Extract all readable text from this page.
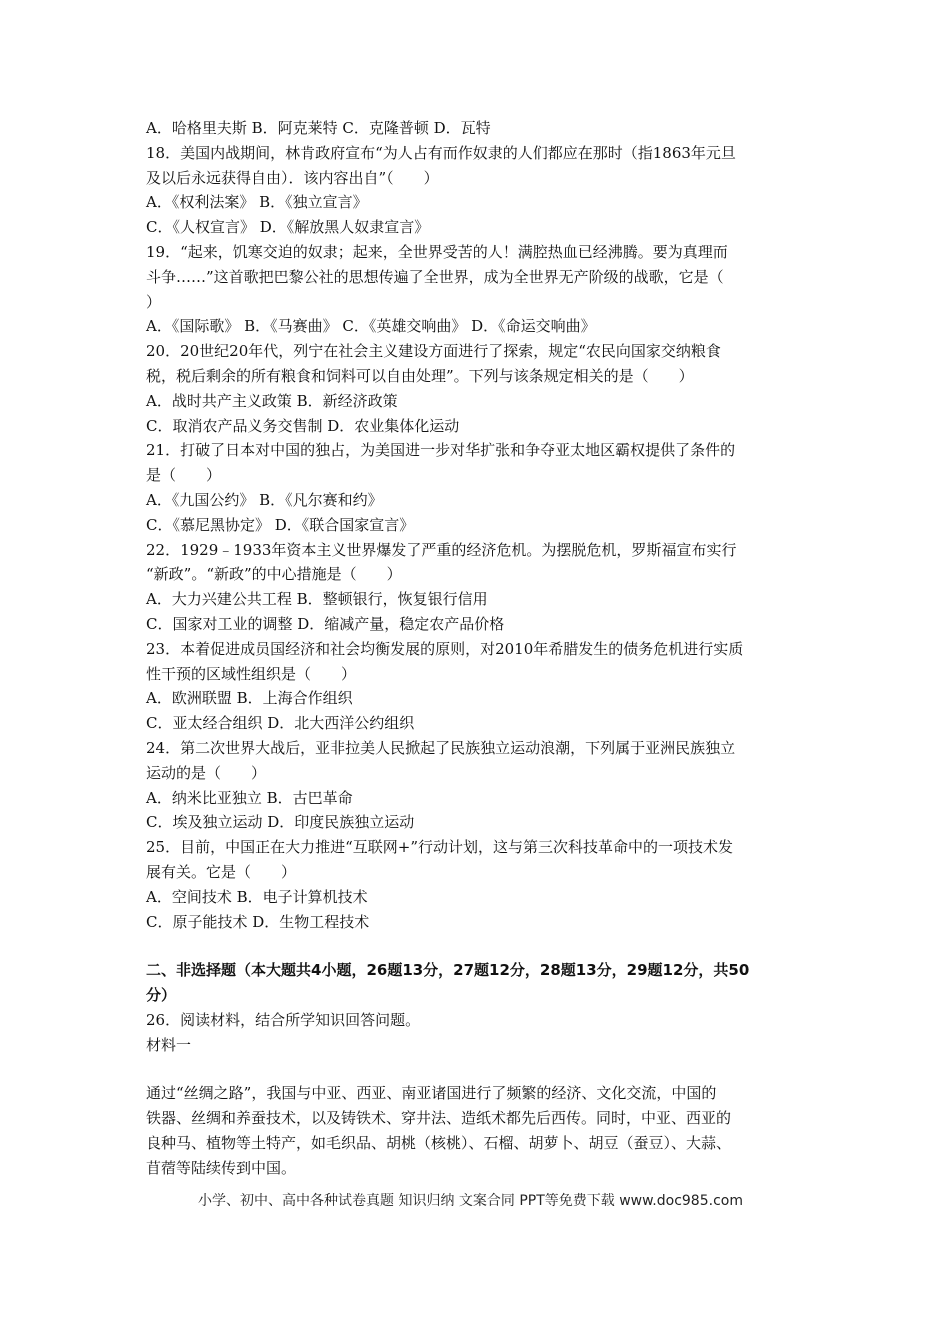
A．哈格里夫斯 B．阿克莱特 C．克隆普顿 D．瓦特
18．美国内战期间，林肯政府宣布“为人占有而作奴隶的人们都应在那时（指1863年元旦
及以后永远获得自由）．该内容出自”（　　）
A．《权利法案》 B．《独立宣言》
C．《人权宣言》 D．《解放黑人奴隶宣言》
19．“起来，饥寒交迫的奴隶；起来，全世界受苦的人！满腔热血已经沸腾。要为真理而
斗争……”这首歌把巴黎公社的思想传遍了全世界，成为全世界无产阶级的战歌，它是（
）
A．《国际歌》 B．《马赛曲》 C．《英雄交响曲》 D．《命运交响曲》
20．20世纪20年代，列宁在社会主义建设方面进行了探索，规定“农民向国家交纳粮食
税，税后剩余的所有粮食和饲料可以自由处理”。下列与该条规定相关的是（　　）
A．战时共产主义政策 B．新经济政策
C．取消农产品义务交售制 D．农业集体化运动
21．打破了日本对中国的独占，为美国进一步对华扩张和争夺亚太地区霸权提供了条件的
是（　　）
A．《九国公约》 B．《凡尔赛和约》
C．《慕尼黑协定》 D．《联合国家宣言》
22．1929﹣1933年资本主义世界爆发了严重的经济危机。为摆脱危机，罗斯福宣布实行
“新政”。“新政”的中心措施是（　　）
A．大力兴建公共工程 B．整顿银行，恢复银行信用
C．国家对工业的调整 D．缩减产量，稳定农产品价格
23．本着促进成员国经济和社会均衡发展的原则，对2010年希腊发生的债务危机进行实质
性干预的区域性组织是（　　）
A．欧洲联盟 B．上海合作组织
C．亚太经合组织 D．北大西洋公约组织
24．第二次世界大战后，亚非拉美人民掀起了民族独立运动浪潮，下列属于亚洲民族独立
运动的是（　　）
A．纳米比亚独立 B．古巴革命
C．埃及独立运动 D．印度民族独立运动
25．目前，中国正在大力推进“互联网+”行动计划，这与第三次科技革命中的一项技术发
展有关。它是（　　）
A．空间技术 B．电子计算机技术
C．原子能技术 D．生物工程技术
二、非选择题（本大题共4小题，26题13分，27题12分，28题13分，29题12分，共50
分）
26．阅读材料，结合所学知识回答问题。
材料一
通过“丝绸之路”，我国与中亚、西亚、南亚诸国进行了频繁的经济、文化交流，中国的
铁器、丝绸和养蚕技术，以及铸铁术、穿井法、造纸术都先后西传。同时，中亚、西亚的
良种马、植物等土特产，如毛织品、胡桃（核桃）、石榴、胡萝卜、胡豆（蚕豆）、大蒜、
苜蓿等陆续传到中国。
小学、初中、高中各种试卷真题 知识归纳 文案合同 PPT等免费下载 www.doc985.com
